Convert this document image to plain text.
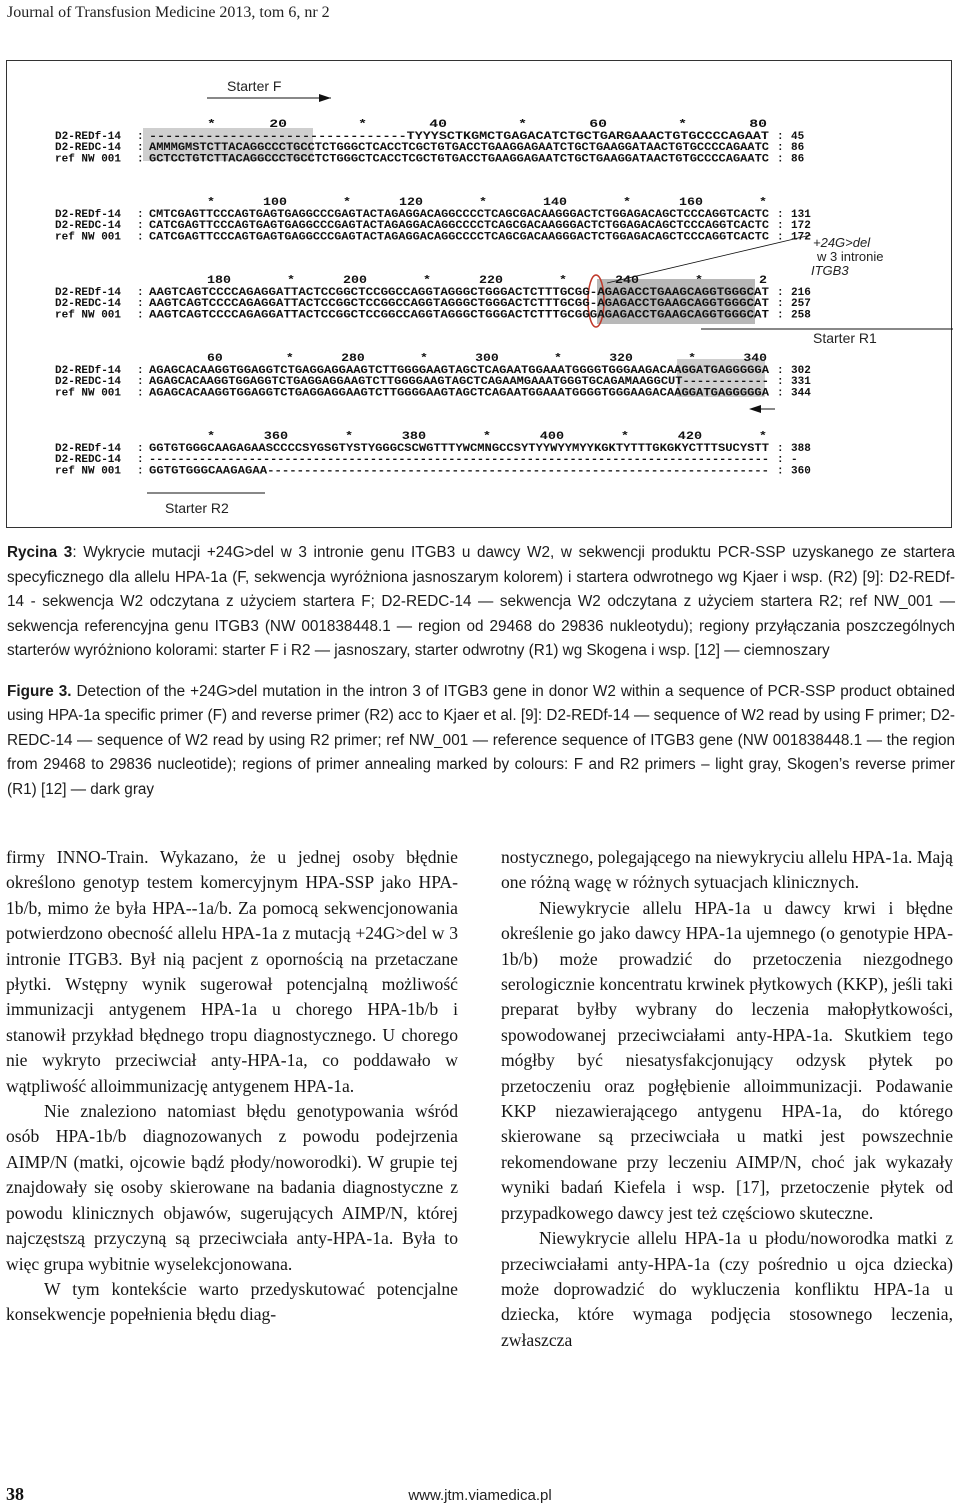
Journal of Transfusion Medicine 2013, tom 6, nr 2
Starter F
+24G>del
w 3 intronie
ITGB3
Starter R1
Starter R2
*      20        *       40        *       60        *       80
D2-REDf-14 : --------------------------------TYYYSCTKGMCTGAGACATCTGCTGARGAAACTGTGCCCCAGAAT : 45
D2-REDC-14 : AMMMGMSTCTTACAGGCCCTGCCTCTGGGCTCACCTCGCTGTGACCTGAAGGAGAATCTGCTGAAGGATAACTGTGCCCCAGAATC : 86
ref NW 001 : GCTCCTGTCTTACAGGCCCTGCCTCTGGGCTCACCTCGCTGTGACCTGAAGGAGAATCTGCTGAAGGATAACTGTGCCCCAGAATC : 86
*      100       *      120       *       140       *      160       *
D2-REDf-14 : CMTCGAGTTCCCAGTGAGTGAGGCCCGAGTACTAGAGGACAGGCCCCTCAGCGACAAGGGACTCTGGAGACAGCTCCCAGGTCACTC : 131
D2-REDC-14 : CATCGAGTTCCCAGTGAGTGAGGCCCGAGTACTAGAGGACAGGCCCCTCAGCGACAAGGGACTCTGGAGACAGCTCCCAGGTCACTC : 172
ref NW 001 : CATCGAGTTCCCAGTGAGTGAGGCCCGAGTACTAGAGGACAGGCCCCTCAGCGACAAGGGACTCTGGAGACAGCTCCCAGGTCACTC : 172
180       *      200       *      220       *      240       *       2
D2-REDf-14 : AAGTCAGTCCCCAGAGGATTACTCCGGCTCCGGCCAGGTAGGGCTGGGACTCTTTGCGG-AGAGACCTGAAGCAGGTGGGCAT : 216
D2-REDC-14 : AAGTCAGTCCCCAGAGGATTACTCCGGCTCCGGCCAGGTAGGGCTGGGACTCTTTGCGG-AGAGACCTGAAGCAGGTGGGCAT : 257
ref NW 001 : AAGTCAGTCCCCAGAGGATTACTCCGGCTCCGGCCAGGTAGGGCTGGGACTCTTTGCGGGAGAGACCTGAAGCAGGTGGGCAT : 258
60        *      280       *      300       *      320       *      340
D2-REDf-14 : AGAGCACAAGGTGGAGGTCTGAGGAGGAAGTCTTGGGGAAGTAGCTCAGAATGGAAATGGGGTGGGAAGACAAGGATGAGGGGGA : 302
D2-REDC-14 : AGAGCACAAGGTGGAGGTCTGAGGAGGAAGTCTTGGGGAAGTAGCTCAGAAMGAAATGGGTGCAGAMAAGGCUT------------ : 331
ref NW 001 : AGAGCACAAGGTGGAGGTCTGAGGAGGAAGTCTTGGGGAAGTAGCTCAGAATGGAAATGGGGTGGGAAGACAAGGATGAGGGGGA : 344
*      360       *      380       *      400       *      420       *
D2-REDf-14 : GGTGTGGGCAAGAGAASCCCCSYGSGTYSTYGGGCSCWGTTTYWCMNGCCSYTYYWYYMYYKGKTYTTTGKGKYCTTTSUCYSTT : 388
D2-REDC-14 : --------------------------------------------------------------------------------------- : -
ref NW 001 : GGTGTGGGCAAGAGAA-------------------------------------------------------------------- : 360

Rycina 3: Wykrycie mutacji +24G>del w 3 intronie genu ITGB3 u dawcy W2, w sekwencji produktu PCR-SSP uzyskanego ze startera specyficznego dla allelu HPA-1a (F, sekwencja wyróżniona jasnoszarym kolorem) i startera odwrotnego wg Kjaer i wsp. (R2) [9]: D2-REDf-14 - sekwencja W2 odczytana z użyciem startera F; D2-REDC-14 — sekwencja W2 odczytana z użyciem startera R2; ref NW_001 — sekwencja referencyjna genu ITGB3 (NW 001838448.1 — region od 29468 do 29836 nukleotydu); regiony przyłączania poszczególnych starterów wyróżniono kolorami: starter F i R2 — jasnoszary, starter odwrotny (R1) wg Skogena i wsp. [12] — ciemnoszary

Figure 3. Detection of the +24G>del mutation in the intron 3 of ITGB3 gene in donor W2 within a sequence of PCR-SSP product obtained using HPA-1a specific primer (F) and reverse primer (R2) acc to Kjaer et al. [9]: D2-REDf-14 — sequence of W2 read by using F primer; D2-REDC-14 — sequence of W2 read by using R2 primer; ref NW_001 — reference sequence of ITGB3 gene (NW 001838448.1 — the region from 29468 to 29836 nucleotide); regions of primer annealing marked by colours: F and R2 primers – light gray, Skogen’s reverse primer (R1) [12] — dark gray

firmy INNO-Train. Wykazano, że u jednej osoby błędnie określono genotyp testem komercyjnym HPA-SSP jako HPA-1b/b, mimo że była HPA--1a/b. Za pomocą sekwencjonowania potwierdzono obecność allelu HPA-1a z mutacją +24G>del w 3 intronie ITGB3. Był nią pacjent z opornością na przetaczane płytki. Wstępny wynik sugerował potencjalną możliwość immunizacji antygenem HPA-1a u chorego HPA-1b/b i stanowił przykład błędnego tropu diagnostycznego. U chorego nie wykryto przeciwciał anty-HPA-1a, co poddawało w wątpliwość alloimmunizację antygenem HPA-1a.

Nie znaleziono natomiast błędu genotypowania wśród osób HPA-1b/b diagnozowanych z powodu podejrzenia AIMP/N (matki, ojcowie bądź płody/noworodki). W grupie tej znajdowały się osoby skierowane na badania diagnostyczne z powodu klinicznych objawów, sugerujących AIMP/N, której najczęstszą przyczyną są przeciwciała anty-HPA-1a. Była to więc grupa wybitnie wyselekcjonowana.

W tym kontekście warto przedyskutować potencjalne konsekwencje popełnienia błędu diag-

nostycznego, polegającego na niewykryciu allelu HPA-1a. Mają one różną wagę w różnych sytuacjach klinicznych.

Niewykrycie allelu HPA-1a u dawcy krwi i błędne określenie go jako dawcy HPA-1a ujemnego (o genotypie HPA-1b/b) może prowadzić do przetoczenia niezgodnego serologicznie koncentratu krwinek płytkowych (KKP), jeśli taki preparat byłby wybrany do leczenia małopłytkowości, spowodowanej przeciwciałami anty-HPA-1a. Skutkiem tego mógłby być niesatysfakcjonujący odzysk płytek po przetoczeniu oraz pogłębienie alloimmunizacji. Podawanie KKP niezawierającego antygenu HPA-1a, do którego skierowane są przeciwciała u matki jest powszechnie rekomendowane przy leczeniu AIMP/N, choć jak wykazały wyniki badań Kiefela i wsp. [17], przetoczenie płytek od przypadkowego dawcy jest też częściowo skuteczne.

Niewykrycie allelu HPA-1a u płodu/noworodka matki z przeciwciałami anty-HPA-1a (czy pośrednio u ojca dziecka) może doprowadzić do wykluczenia konfliktu HPA-1a u dziecka, które wymaga podjęcia stosownego leczenia, zwłaszcza

38	www.jtm.viamedica.pl
